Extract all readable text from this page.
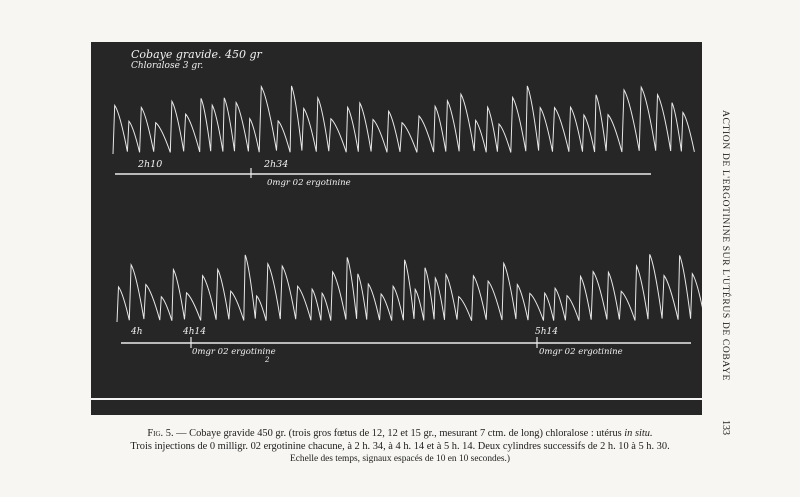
Cobaye gravide. 450 gr
Chloralose 3 gr.
2h10	2h34
0mgr 02 ergotinine
4h	4h14	5h14
0mgr 02 ergotinine
2
0mgr 02 ergotinine
Fig. 5. — Cobaye gravide 450 gr. (trois gros fœtus de 12, 12 et 15 gr., mesurant 7 ctm. de long) chloralose : utérus in situ.
Trois injections de 0 milligr. 02 ergotinine chacune, à 2 h. 34, à 4 h. 14 et à 5 h. 14. Deux cylindres successifs de 2 h. 10 à 5 h. 30.
Echelle des temps, signaux espacés de 10 en 10 secondes.)
ACTION DE L'ERGOTININE SUR L'UTÉRUS DE COBAYE
133
